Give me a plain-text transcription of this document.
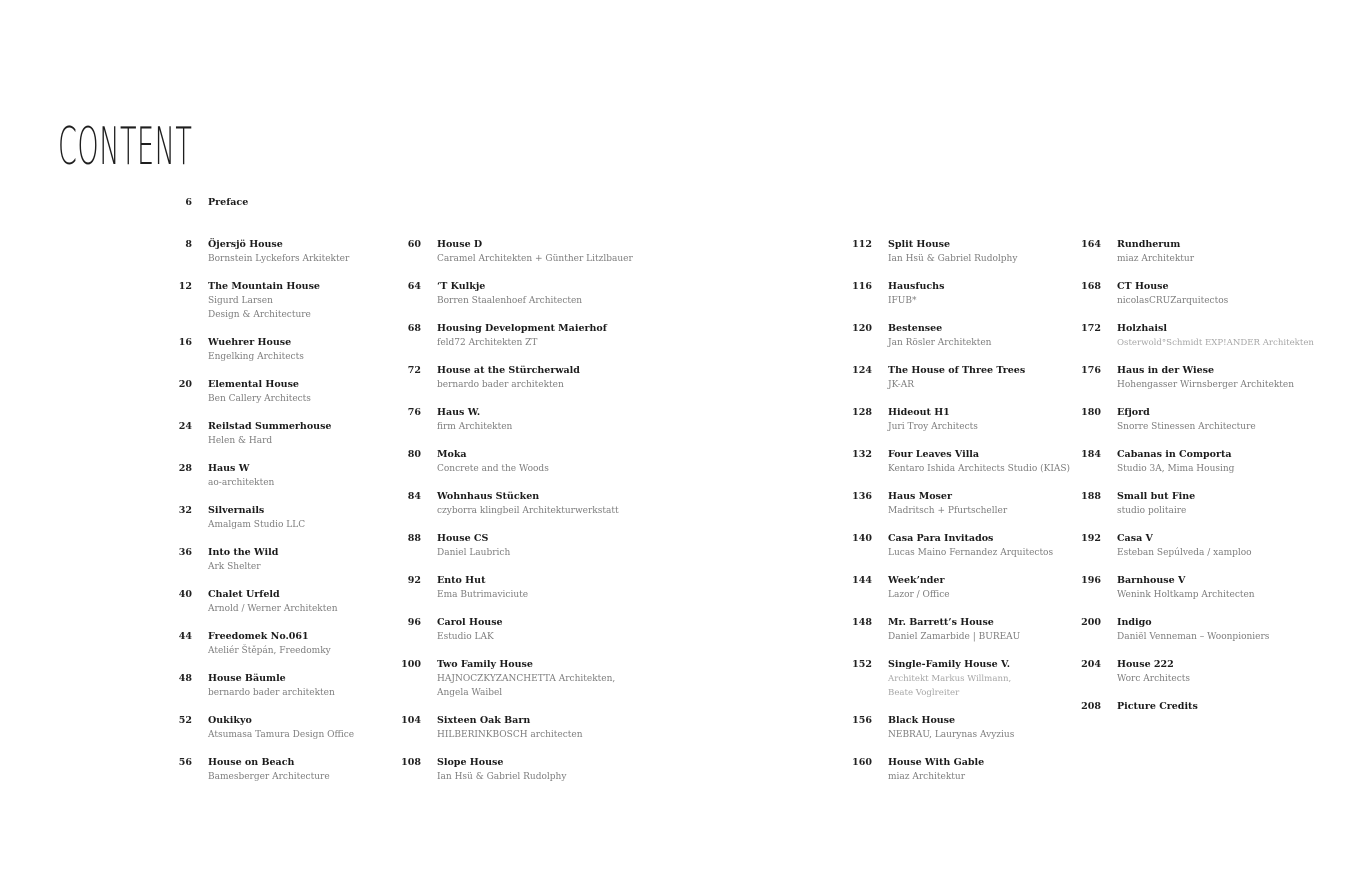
CONTENT
6 Preface
8 Öjersjö House
Bornstein Lyckefors Arkitekter
12 The Mountain House
Sigurd Larsen
Design & Architecture
16 Wuehrer House
Engelking Architects
20 Elemental House
Ben Callery Architects
24 Reilstad Summerhouse
Helen & Hard
28 Haus W
ao-architekten
32 Silvernails
Amalgam Studio LLC
36 Into the Wild
Ark Shelter
40 Chalet Urfeld
Arnold / Werner Architekten
44 Freedomek No.061
Ateliér Štěpán, Freedomky
48 House Bäumle
bernardo bader architekten
52 Oukikyo
Atsumasa Tamura Design Office
56 House on Beach
Bamesberger Architecture
60 House D
Caramel Architekten + Günther Litzlbauer
64 ‘T Kulkje
Borren Staalenhoef Architecten
68 Housing Development Maierhof
feld72 Architekten ZT
72 House at the Stürcherwald
bernardo bader architekten
76 Haus W.
firm Architekten
80 Moka
Concrete and the Woods
84 Wohnhaus Stücken
czyborra klingbeil Architekturwerkstatt
88 House CS
Daniel Laubrich
92 Ento Hut
Ema Butrimaviciute
96 Carol House
Estudio LAK
100 Two Family House
HAJNOCZKYZANCHETTA Architekten,
Angela Waibel
104 Sixteen Oak Barn
HILBERINKBOSCH architecten
108 Slope House
Ian Hsü & Gabriel Rudolphy
112 Split House
Ian Hsü & Gabriel Rudolphy
116 Hausfuchs
IFUB*
120 Bestensee
Jan Rösler Architekten
124 The House of Three Trees
JK-AR
128 Hideout H1
Juri Troy Architects
132 Four Leaves Villa
Kentaro Ishida Architects Studio (KIAS)
136 Haus Moser
Madritsch + Pfurtscheller
140 Casa Para Invitados
Lucas Maino Fernandez Arquitectos
144 Week’nder
Lazor / Office
148 Mr. Barrett’s House
Daniel Zamarbide | BUREAU
152 Single-Family House V.
Architekt Markus Willmann,
Beate Voglreiter
156 Black House
NEBRAU, Laurynas Avyzius
160 House With Gable
miaz Architektur
164 Rundherum
miaz Architektur
168 CT House
nicolasCRUZarquitectos
172 Holzhaisl
Osterwold°Schmidt EXP!ANDER Architekten
176 Haus in der Wiese
Hohengasser Wirnsberger Architekten
180 Efjord
Snorre Stinessen Architecture
184 Cabanas in Comporta
Studio 3A, Mima Housing
188 Small but Fine
studio politaire
192 Casa V
Esteban Sepúlveda / xamploo
196 Barnhouse V
Wenink Holtkamp Architecten
200 Indigo
Daniël Venneman – Woonpioniers
204 House 222
Worc Architects
208 Picture Credits
